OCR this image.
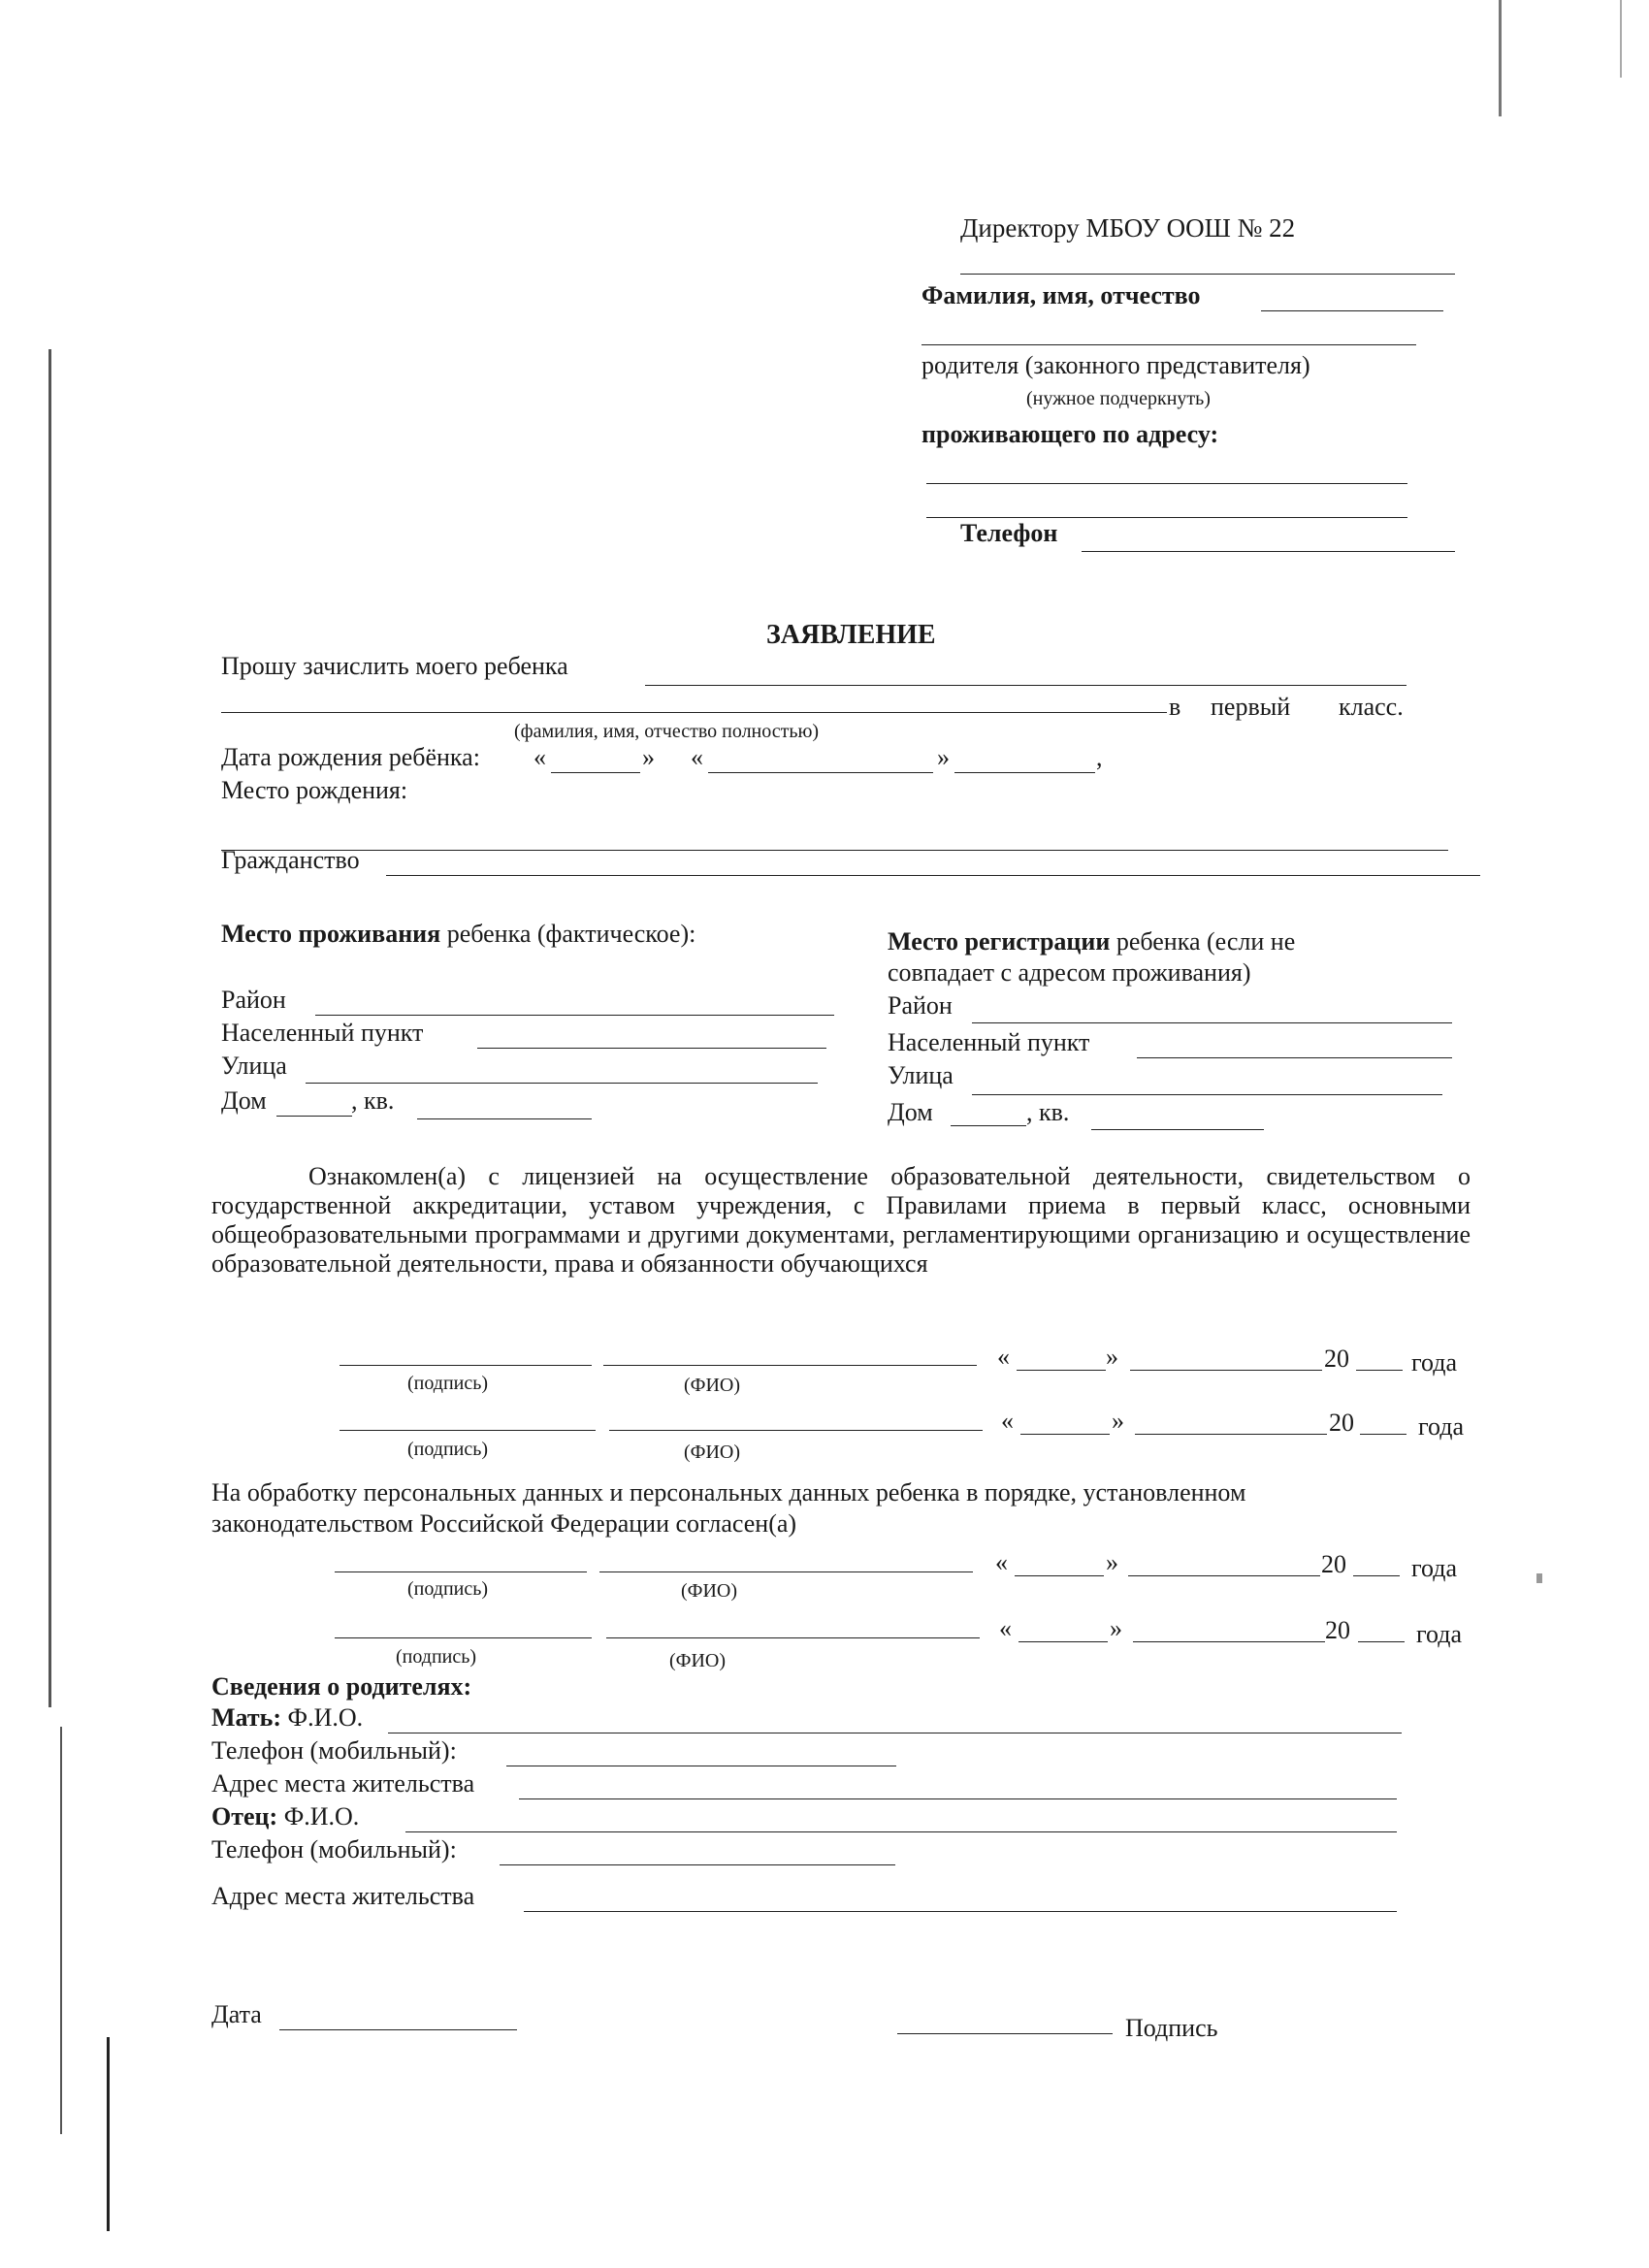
Директору МБОУ ООШ № 22
Фамилия, имя, отчество
родителя (законного представителя)
(нужное подчеркнуть)
проживающего по адресу:
Телефон
ЗАЯВЛЕНИЕ
Прошу зачислить моего ребенка
в первый класс.
(фамилия, имя, отчество полностью)
Дата рождения ребёнка: «	» «	»	,
Место рождения:
Гражданство
Место проживания ребенка (фактическое):
Район
Населенный пункт
Улица
Дом	, кв.
Место регистрации ребенка (если не
совпадает с адресом проживания)
Район
Населенный пункт
Улица
Дом	, кв.
Ознакомлен(а) с лицензией на осуществление образовательной деятельности, свидетельством о государственной аккредитации, уставом учреждения, с Правилами приема в первый класс, основными общеобразовательными программами и другими документами, регламентирующими организацию и осуществление образовательной деятельности, права и обязанности обучающихся
«	»	20 года
(подпись)	(ФИО)
«	»	20	года
(подпись)	(ФИО)
На обработку персональных данных и персональных данных ребенка в порядке, установленном
законодательством Российской Федерации согласен(а)
«	»	20	года
(подпись)	(ФИО)
«	»	20	года
(подпись)	(ФИО)
Сведения о родителях:
Мать: Ф.И.О.
Телефон (мобильный):
Адрес места жительства
Отец: Ф.И.О.
Телефон (мобильный):
Адрес места жительства
Дата	Подпись
